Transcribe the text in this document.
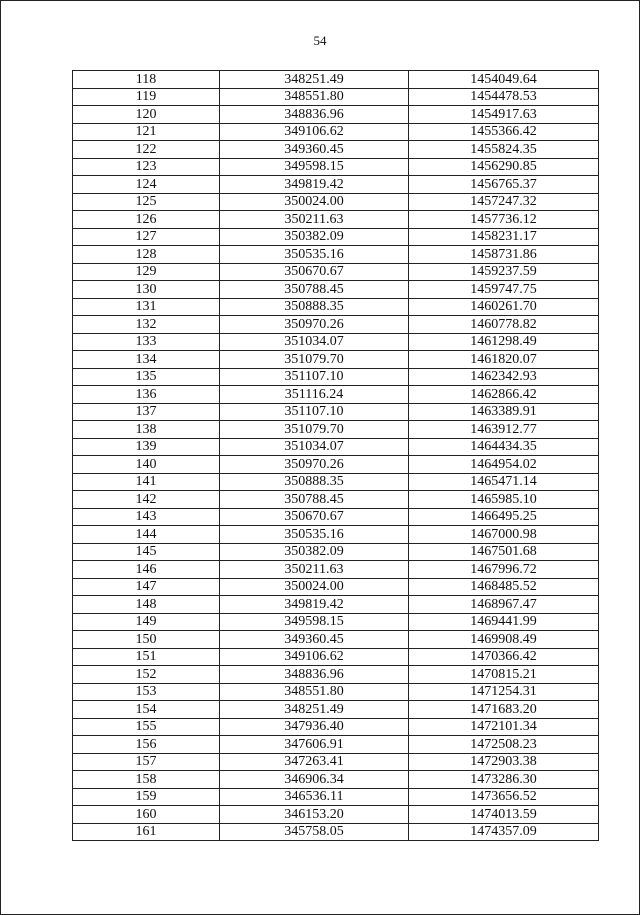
54
118	348251.49	1454049.64
119	348551.80	1454478.53
120	348836.96	1454917.63
121	349106.62	1455366.42
122	349360.45	1455824.35
123	349598.15	1456290.85
124	349819.42	1456765.37
125	350024.00	1457247.32
126	350211.63	1457736.12
127	350382.09	1458231.17
128	350535.16	1458731.86
129	350670.67	1459237.59
130	350788.45	1459747.75
131	350888.35	1460261.70
132	350970.26	1460778.82
133	351034.07	1461298.49
134	351079.70	1461820.07
135	351107.10	1462342.93
136	351116.24	1462866.42
137	351107.10	1463389.91
138	351079.70	1463912.77
139	351034.07	1464434.35
140	350970.26	1464954.02
141	350888.35	1465471.14
142	350788.45	1465985.10
143	350670.67	1466495.25
144	350535.16	1467000.98
145	350382.09	1467501.68
146	350211.63	1467996.72
147	350024.00	1468485.52
148	349819.42	1468967.47
149	349598.15	1469441.99
150	349360.45	1469908.49
151	349106.62	1470366.42
152	348836.96	1470815.21
153	348551.80	1471254.31
154	348251.49	1471683.20
155	347936.40	1472101.34
156	347606.91	1472508.23
157	347263.41	1472903.38
158	346906.34	1473286.30
159	346536.11	1473656.52
160	346153.20	1474013.59
161	345758.05	1474357.09
